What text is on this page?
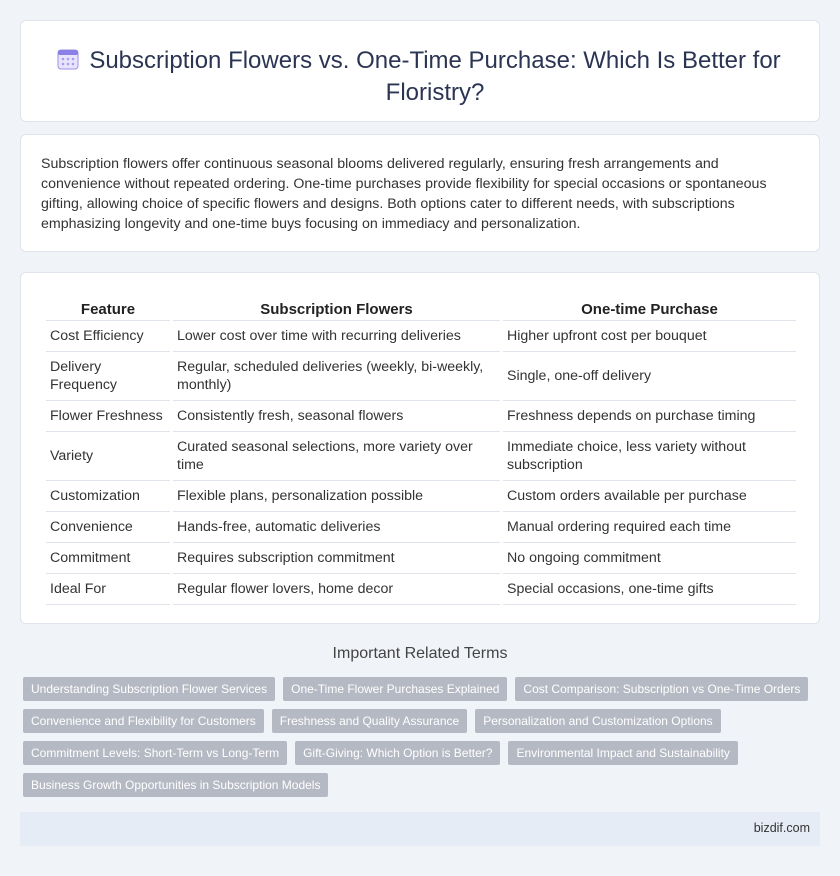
Subscription Flowers vs. One-Time Purchase: Which Is Better for Floristry?

Subscription flowers offer continuous seasonal blooms delivered regularly, ensuring fresh arrangements and convenience without repeated ordering. One-time purchases provide flexibility for special occasions or spontaneous gifting, allowing choice of specific flowers and designs. Both options cater to different needs, with subscriptions emphasizing longevity and one-time buys focusing on immediacy and personalization.

Feature	Subscription Flowers	One-time Purchase
Cost Efficiency	Lower cost over time with recurring deliveries	Higher upfront cost per bouquet
Delivery Frequency	Regular, scheduled deliveries (weekly, bi-weekly, monthly)	Single, one-off delivery
Flower Freshness	Consistently fresh, seasonal flowers	Freshness depends on purchase timing
Variety	Curated seasonal selections, more variety over time	Immediate choice, less variety without subscription
Customization	Flexible plans, personalization possible	Custom orders available per purchase
Convenience	Hands-free, automatic deliveries	Manual ordering required each time
Commitment	Requires subscription commitment	No ongoing commitment
Ideal For	Regular flower lovers, home decor	Special occasions, one-time gifts
Important Related Terms
Understanding Subscription Flower Services	One-Time Flower Purchases Explained	Cost Comparison: Subscription vs One-Time Orders
Convenience and Flexibility for Customers	Freshness and Quality Assurance	Personalization and Customization Options
Commitment Levels: Short-Term vs Long-Term	Gift-Giving: Which Option is Better?	Environmental Impact and Sustainability
Business Growth Opportunities in Subscription Models
bizdif.com
